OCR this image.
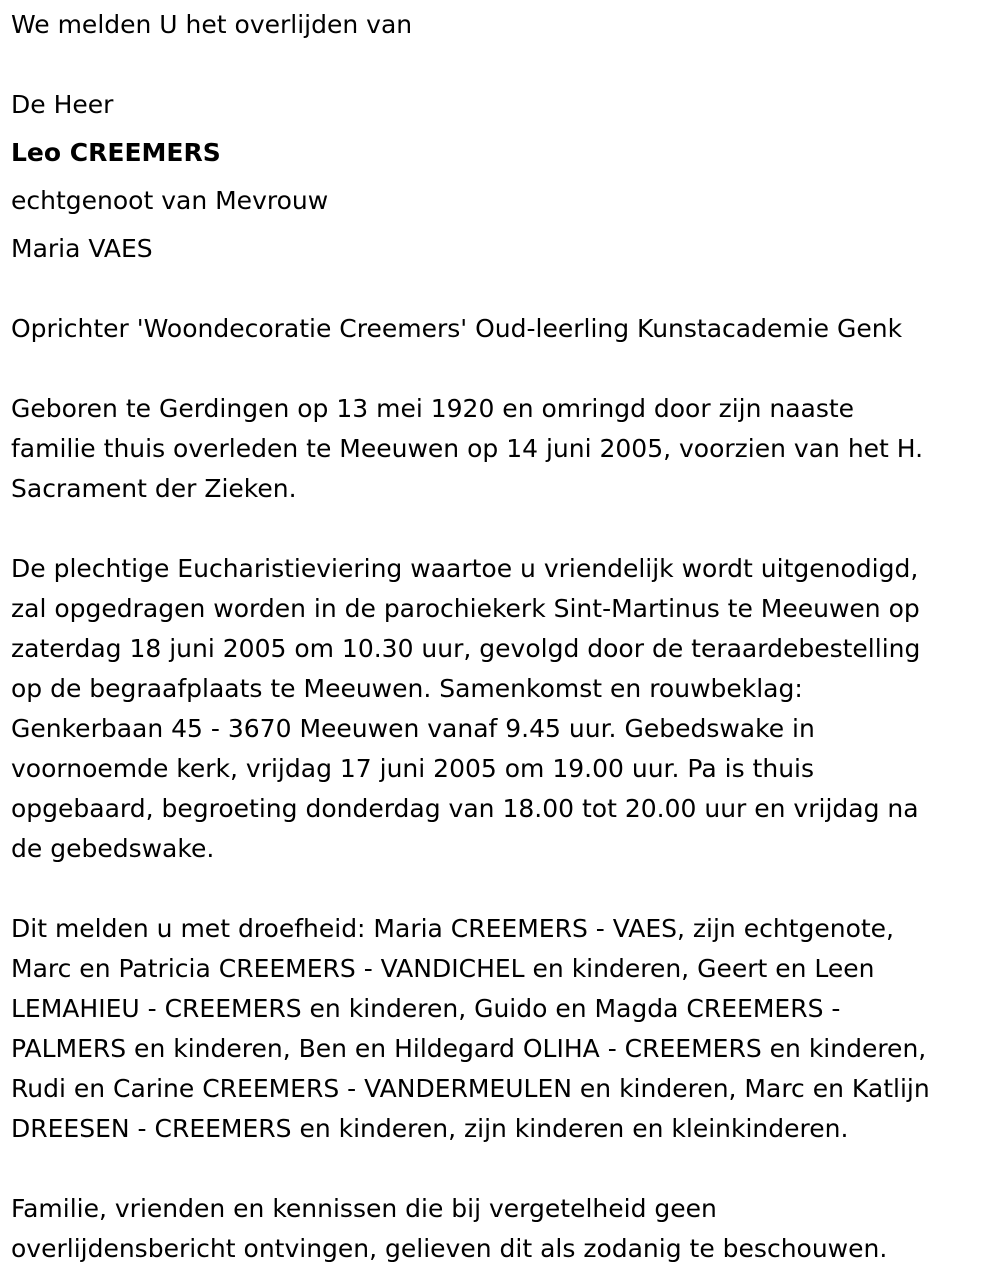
We melden U het overlijden van

De Heer

Leo CREEMERS

echtgenoot van Mevrouw

Maria VAES

Oprichter 'Woondecoratie Creemers' Oud-leerling Kunstacademie Genk

Geboren te Gerdingen op 13 mei 1920 en omringd door zijn naaste

familie thuis overleden te Meeuwen op 14 juni 2005, voorzien van het H.

Sacrament der Zieken.

De plechtige Eucharistieviering waartoe u vriendelijk wordt uitgenodigd,

zal opgedragen worden in de parochiekerk Sint-Martinus te Meeuwen op

zaterdag 18 juni 2005 om 10.30 uur, gevolgd door de teraardebestelling

op de begraafplaats te Meeuwen. Samenkomst en rouwbeklag:

Genkerbaan 45 - 3670 Meeuwen vanaf 9.45 uur. Gebedswake in

voornoemde kerk, vrijdag 17 juni 2005 om 19.00 uur. Pa is thuis

opgebaard, begroeting donderdag van 18.00 tot 20.00 uur en vrijdag na

de gebedswake.

Dit melden u met droefheid: Maria CREEMERS - VAES, zijn echtgenote,

Marc en Patricia CREEMERS - VANDICHEL en kinderen, Geert en Leen

LEMAHIEU - CREEMERS en kinderen, Guido en Magda CREEMERS -

PALMERS en kinderen, Ben en Hildegard OLIHA - CREEMERS en kinderen,

Rudi en Carine CREEMERS - VANDERMEULEN en kinderen, Marc en Katlijn

DREESEN - CREEMERS en kinderen, zijn kinderen en kleinkinderen.

Familie, vrienden en kennissen die bij vergetelheid geen

overlijdensbericht ontvingen, gelieven dit als zodanig te beschouwen.
